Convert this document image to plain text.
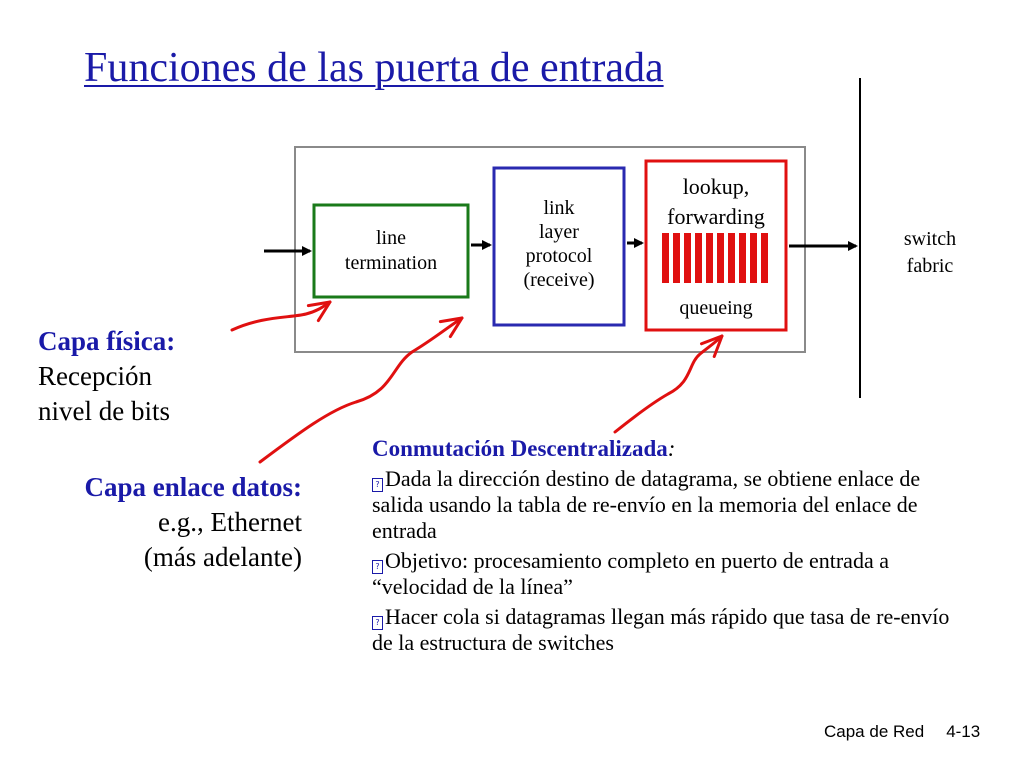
Funciones de las puerta de entrada
line
termination
link
layer
protocol
(receive)
lookup,
forwarding
queueing
switch
fabric
Capa física:
Recepción
nivel de bits
Capa enlace datos:
e.g., Ethernet
(más adelante)
Conmutación Descentralizada:
? Dada la dirección destino de datagrama, se obtiene enlace de salida usando la tabla de re-envío en la memoria del enlace de entrada
? Objetivo: procesamiento completo en puerto de entrada a “velocidad de la línea”
? Hacer cola si datagramas llegan más rápido que tasa de re-envío de la estructura de switches
Capa de Red 4-13
